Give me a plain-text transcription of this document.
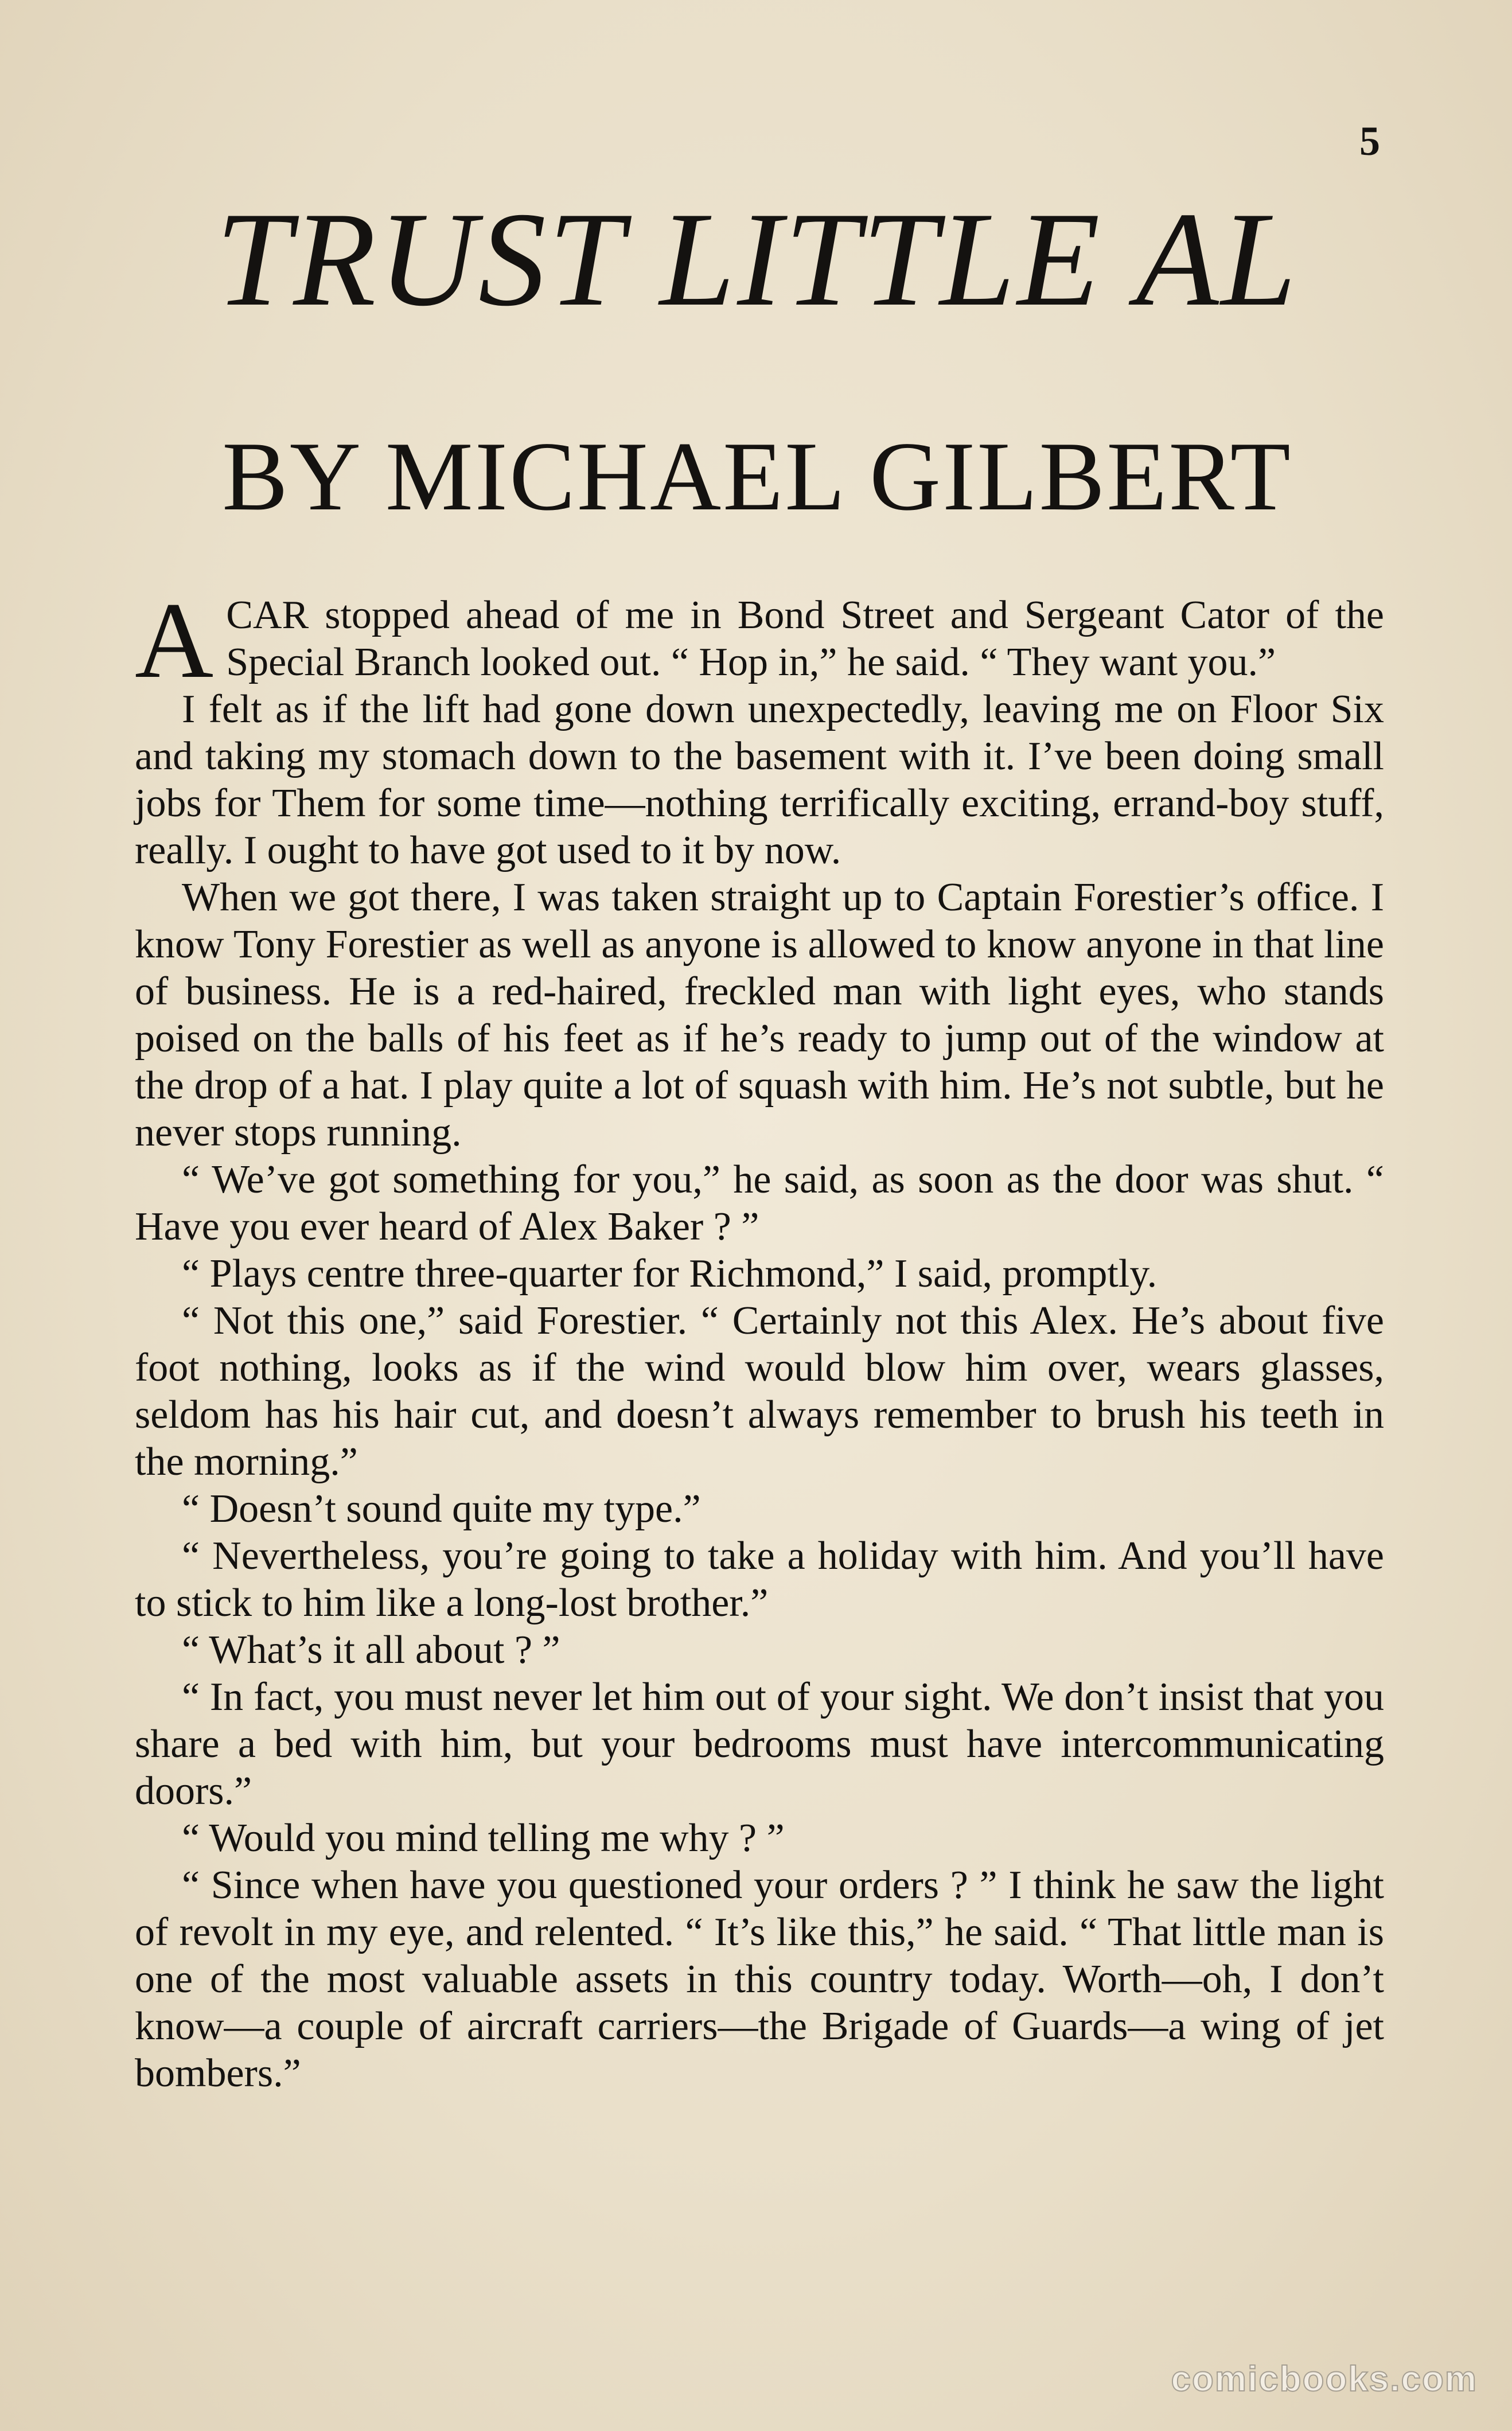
5
TRUST LITTLE AL
BY MICHAEL GILBERT

A CAR stopped ahead of me in Bond Street and Sergeant Cator of the Special Branch looked out. “ Hop in,” he said. “ They want you.”

I felt as if the lift had gone down unexpectedly, leaving me on Floor Six and taking my stomach down to the basement with it. I’ve been doing small jobs for Them for some time—nothing terrifically exciting, errand-boy stuff, really. I ought to have got used to it by now.

When we got there, I was taken straight up to Captain Forestier’s office. I know Tony Forestier as well as anyone is allowed to know anyone in that line of business. He is a red-haired, freckled man with light eyes, who stands poised on the balls of his feet as if he’s ready to jump out of the window at the drop of a hat. I play quite a lot of squash with him. He’s not subtle, but he never stops running.

“ We’ve got something for you,” he said, as soon as the door was shut. “ Have you ever heard of Alex Baker ? ”

“ Plays centre three-quarter for Richmond,” I said, promptly.

“ Not this one,” said Forestier. “ Certainly not this Alex. He’s about five foot nothing, looks as if the wind would blow him over, wears glasses, seldom has his hair cut, and doesn’t always remember to brush his teeth in the morning.”

“ Doesn’t sound quite my type.”

“ Nevertheless, you’re going to take a holiday with him. And you’ll have to stick to him like a long-lost brother.”

“ What’s it all about ? ”

“ In fact, you must never let him out of your sight. We don’t insist that you share a bed with him, but your bedrooms must have intercommunicating doors.”

“ Would you mind telling me why ? ”

“ Since when have you questioned your orders ? ” I think he saw the light of revolt in my eye, and relented. “ It’s like this,” he said. “ That little man is one of the most valuable assets in this country today. Worth—oh, I don’t know—a couple of aircraft carriers—the Brigade of Guards—a wing of jet bombers.”

comicbooks.com
